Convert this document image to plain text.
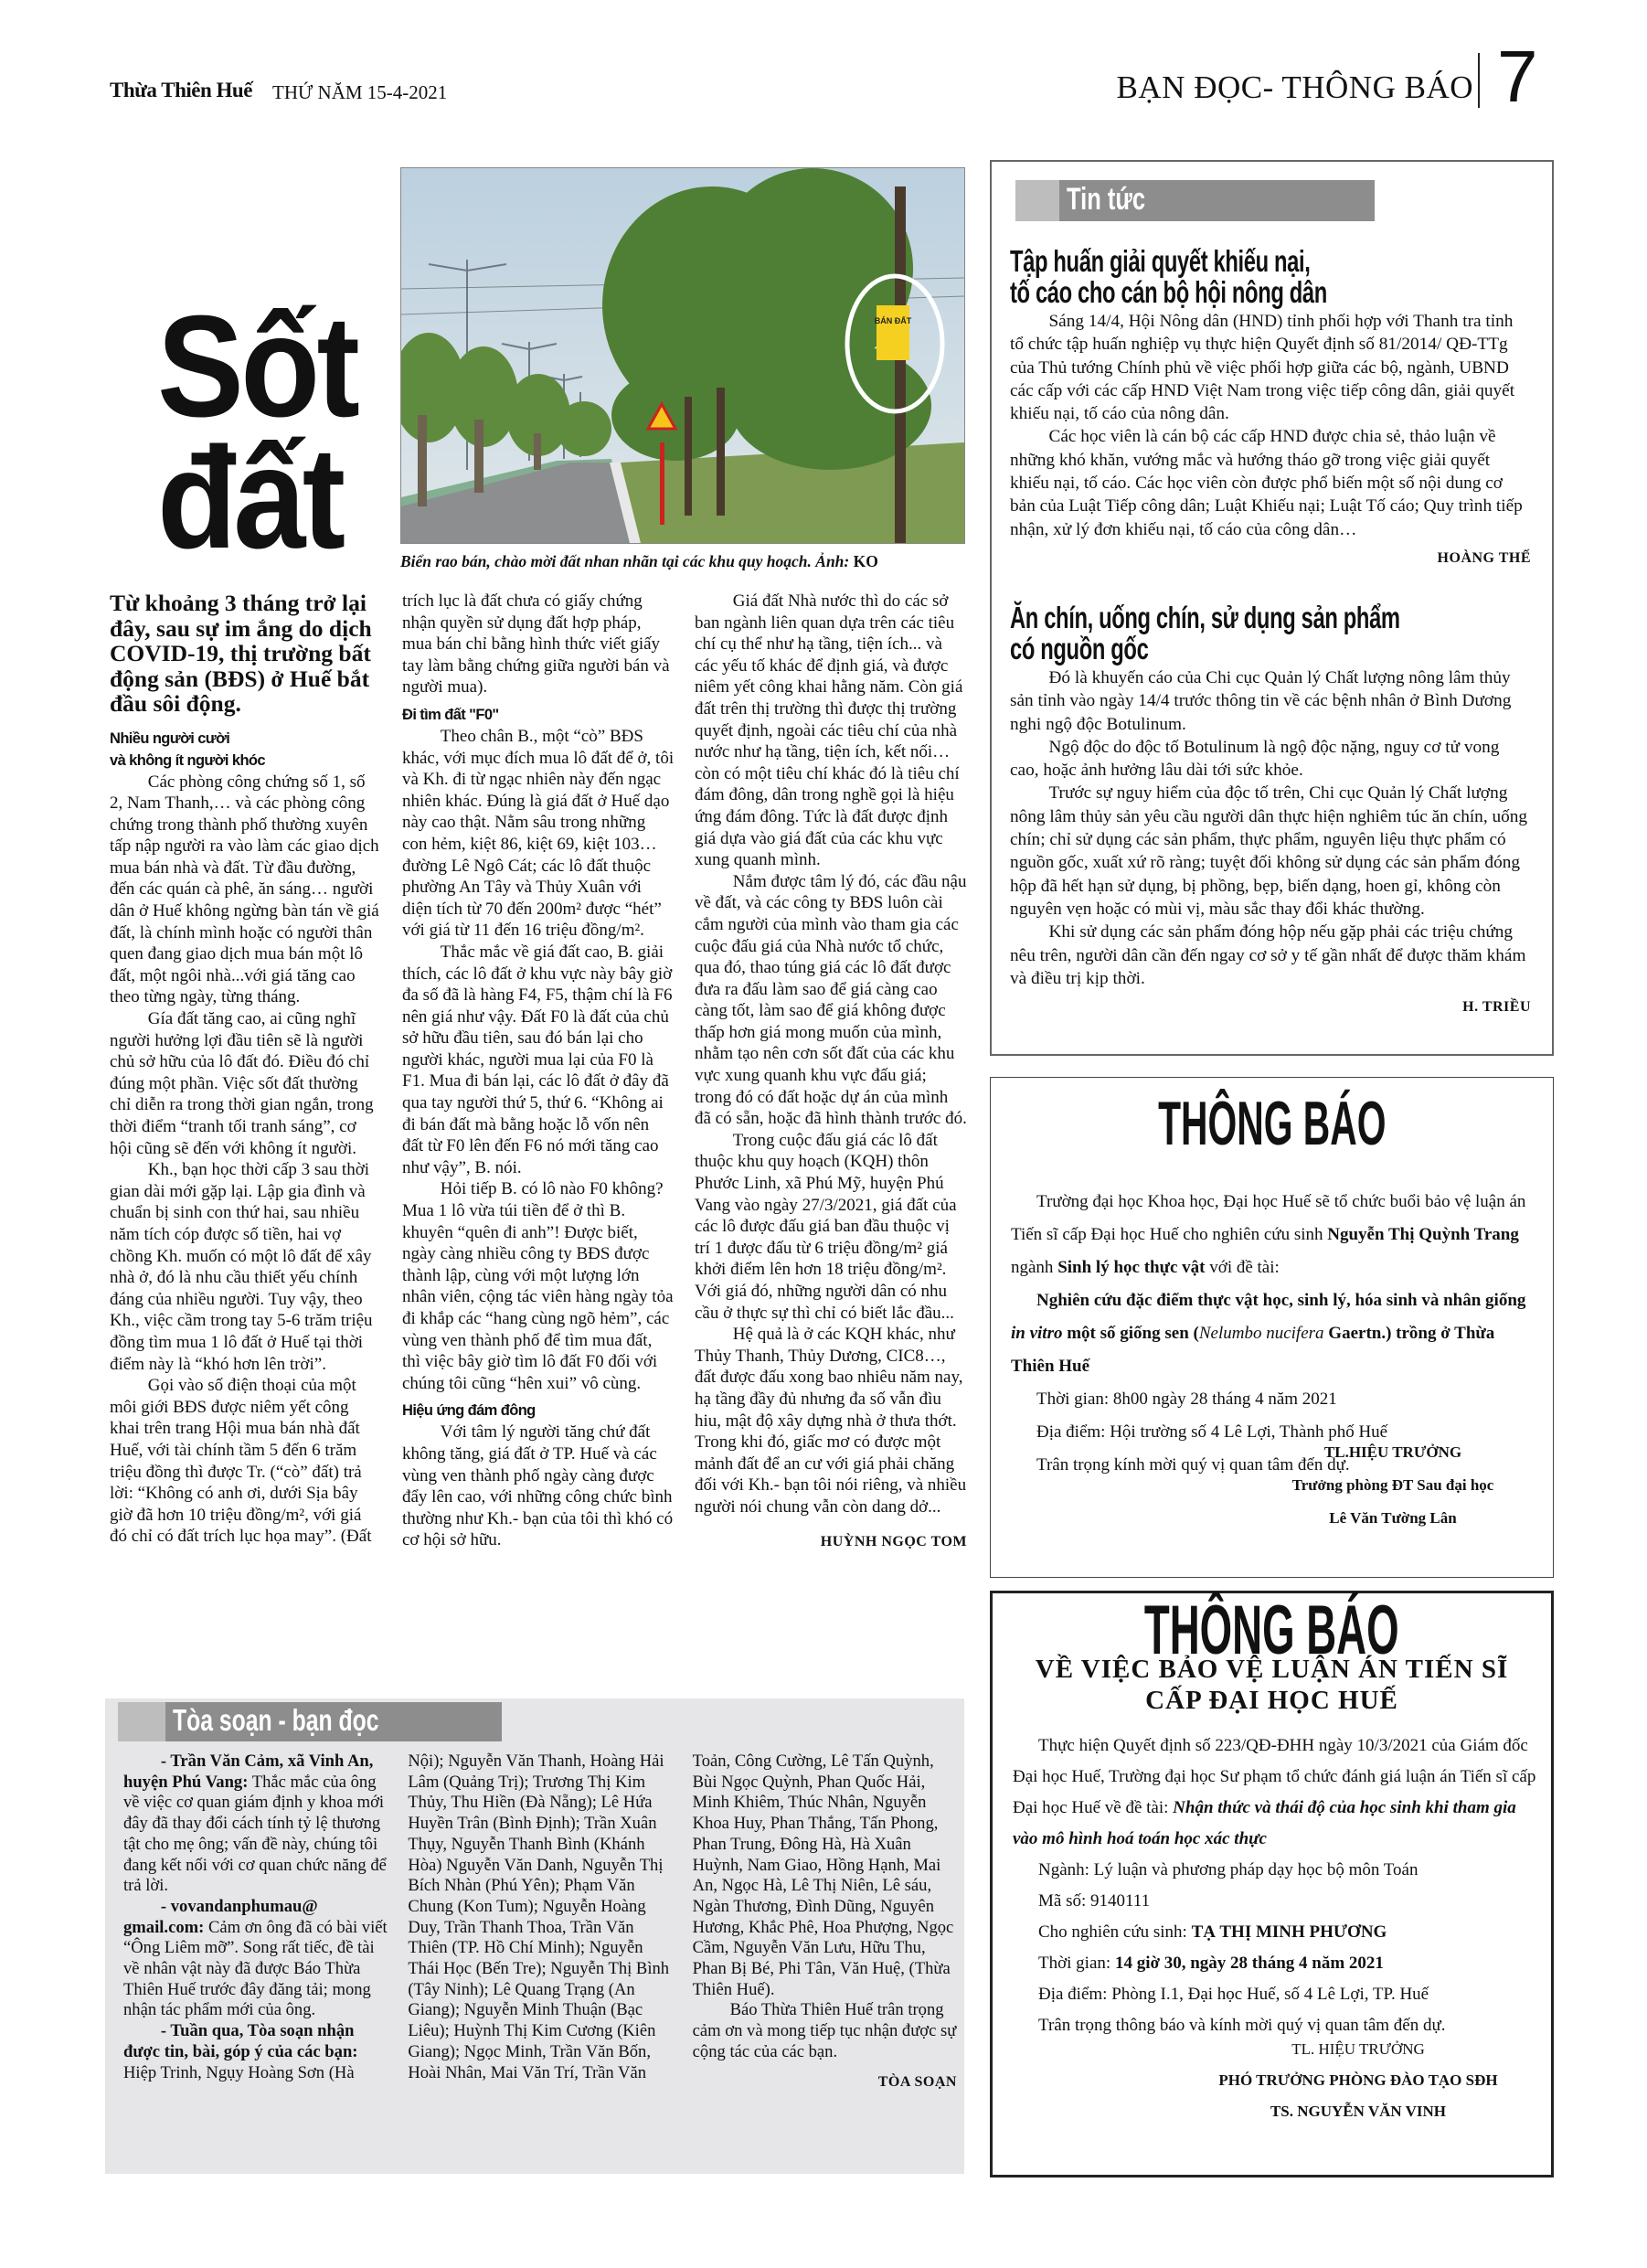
Thừa Thiên Huế THỨ NĂM 15-4-2021	BẠN ĐỌC- THÔNG BÁO 7
Sốt
đất
BÁN ĐẤT
Biển rao bán, chào mời đất nhan nhãn tại các khu quy hoạch. Ảnh: KO

Từ khoảng 3 tháng trở lại đây, sau sự im ắng do dịch COVID-19, thị trường bất động sản (BĐS) ở Huế bắt đầu sôi động.

Nhiều người cười
và không ít người khóc

Các phòng công chứng số 1, số 2, Nam Thanh,… và các phòng công chứng trong thành phố thường xuyên tấp nập người ra vào làm các giao dịch mua bán nhà và đất. Từ đầu đường, đến các quán cà phê, ăn sáng… người dân ở Huế không ngừng bàn tán về giá đất, là chính mình hoặc có người thân quen đang giao dịch mua bán một lô đất, một ngôi nhà...với giá tăng cao theo từng ngày, từng tháng.

Gía đất tăng cao, ai cũng nghĩ người hưởng lợi đầu tiên sẽ là người chủ sở hữu của lô đất đó. Điều đó chỉ đúng một phần. Việc sốt đất thường chỉ diễn ra trong thời gian ngắn, trong thời điểm “tranh tối tranh sáng”, cơ hội cũng sẽ đến với không ít người.

Kh., bạn học thời cấp 3 sau thời gian dài mới gặp lại. Lập gia đình và chuẩn bị sinh con thứ hai, sau nhiều năm tích cóp được số tiền, hai vợ chồng Kh. muốn có một lô đất để xây nhà ở, đó là nhu cầu thiết yếu chính đáng của nhiều người. Tuy vậy, theo Kh., việc cầm trong tay 5-6 trăm triệu đồng tìm mua 1 lô đất ở Huế tại thời điểm này là “khó hơn lên trời”.

Gọi vào số điện thoại của một môi giới BĐS được niêm yết công khai trên trang Hội mua bán nhà đất Huế, với tài chính tầm 5 đến 6 trăm triệu đồng thì được Tr. (“cò” đất) trả lời: “Không có anh ơi, dưới Sịa bây giờ đã hơn 10 triệu đồng/m², với giá đó chỉ có đất trích lục họa may”. (Đất trích lục là đất chưa có giấy chứng nhận quyền sử dụng đất hợp pháp, mua bán chỉ bằng hình thức viết giấy tay làm bằng chứng giữa người bán và người mua).

Đi tìm đất "F0"

Theo chân B., một “cò” BĐS khác, với mục đích mua lô đất để ở, tôi và Kh. đi từ ngạc nhiên này đến ngạc nhiên khác. Đúng là giá đất ở Huế dạo này cao thật. Nằm sâu trong những con hẻm, kiệt 86, kiệt 69, kiệt 103… đường Lê Ngô Cát; các lô đất thuộc phường An Tây và Thủy Xuân với diện tích từ 70 đến 200m² được “hét” với giá từ 11 đến 16 triệu đồng/m².

Thắc mắc về giá đất cao, B. giải thích, các lô đất ở khu vực này bây giờ đa số đã là hàng F4, F5, thậm chí là F6 nên giá như vậy. Đất F0 là đất của chủ sở hữu đầu tiên, sau đó bán lại cho người khác, người mua lại của F0 là F1. Mua đi bán lại, các lô đất ở đây đã qua tay người thứ 5, thứ 6. “Không ai đi bán đất mà bằng hoặc lỗ vốn nên đất từ F0 lên đến F6 nó mới tăng cao như vậy”, B. nói.

Hỏi tiếp B. có lô nào F0 không? Mua 1 lô vừa túi tiền để ở thì B. khuyên “quên đi anh”! Được biết, ngày càng nhiều công ty BĐS được thành lập, cùng với một lượng lớn nhân viên, cộng tác viên hàng ngày tỏa đi khắp các “hang cùng ngõ hẻm”, các vùng ven thành phố để tìm mua đất, thì việc bây giờ tìm lô đất F0 đối với chúng tôi cũng “hên xui” vô cùng.

Hiệu ứng đám đông

Với tâm lý người tăng chứ đất không tăng, giá đất ở TP. Huế và các vùng ven thành phố ngày càng được đẩy lên cao, với những công chức bình thường như Kh.- bạn của tôi thì khó có cơ hội sở hữu.

Giá đất Nhà nước thì do các sở ban ngành liên quan dựa trên các tiêu chí cụ thể như hạ tầng, tiện ích... và các yếu tố khác để định giá, và được niêm yết công khai hằng năm. Còn giá đất trên thị trường thì được thị trường quyết định, ngoài các tiêu chí của nhà nước như hạ tầng, tiện ích, kết nối… còn có một tiêu chí khác đó là tiêu chí đám đông, dân trong nghề gọi là hiệu ứng đám đông. Tức là đất được định giá dựa vào giá đất của các khu vực xung quanh mình.

Nắm được tâm lý đó, các đầu nậu về đất, và các công ty BĐS luôn cài cắm người của mình vào tham gia các cuộc đấu giá của Nhà nước tổ chức, qua đó, thao túng giá các lô đất được đưa ra đấu làm sao để giá càng cao càng tốt, làm sao để giá không được thấp hơn giá mong muốn của mình, nhằm tạo nên cơn sốt đất của các khu vực xung quanh khu vực đấu giá; trong đó có đất hoặc dự án của mình đã có sẵn, hoặc đã hình thành trước đó.

Trong cuộc đấu giá các lô đất thuộc khu quy hoạch (KQH) thôn Phước Linh, xã Phú Mỹ, huyện Phú Vang vào ngày 27/3/2021, giá đất của các lô được đấu giá ban đầu thuộc vị trí 1 được đấu từ 6 triệu đồng/m² giá khởi điểm lên hơn 18 triệu đồng/m². Với giá đó, những người dân có nhu cầu ở thực sự thì chỉ có biết lắc đầu...

Hệ quả là ở các KQH khác, như Thủy Thanh, Thủy Dương, CIC8…, đất được đấu xong bao nhiêu năm nay, hạ tầng đầy đủ nhưng đa số vẫn đìu hiu, mật độ xây dựng nhà ở thưa thớt. Trong khi đó, giấc mơ có được một mảnh đất để an cư với giá phải chăng đối với Kh.- bạn tôi nói riêng, và nhiều người nói chung vẫn còn dang dở...

HUỲNH NGỌC TOM

Tin tức
Tập huấn giải quyết khiếu nại,
tố cáo cho cán bộ hội nông dân

Sáng 14/4, Hội Nông dân (HND) tỉnh phối hợp với Thanh tra tỉnh tổ chức tập huấn nghiệp vụ thực hiện Quyết định số 81/2014/ QĐ-TTg của Thủ tướng Chính phủ về việc phối hợp giữa các bộ, ngành, UBND các cấp với các cấp HND Việt Nam trong việc tiếp công dân, giải quyết khiếu nại, tố cáo của nông dân.

Các học viên là cán bộ các cấp HND được chia sẻ, thảo luận về những khó khăn, vướng mắc và hướng tháo gỡ trong việc giải quyết khiếu nại, tố cáo. Các học viên còn được phổ biến một số nội dung cơ bản của Luật Tiếp công dân; Luật Khiếu nại; Luật Tố cáo; Quy trình tiếp nhận, xử lý đơn khiếu nại, tố cáo của công dân…

HOÀNG THẾ

Ăn chín, uống chín, sử dụng sản phẩm
có nguồn gốc

Đó là khuyến cáo của Chi cục Quản lý Chất lượng nông lâm thủy sản tỉnh vào ngày 14/4 trước thông tin về các bệnh nhân ở Bình Dương nghi ngộ độc Botulinum.

Ngộ độc do độc tố Botulinum là ngộ độc nặng, nguy cơ tử vong cao, hoặc ảnh hưởng lâu dài tới sức khỏe.

Trước sự nguy hiểm của độc tố trên, Chi cục Quản lý Chất lượng nông lâm thủy sản yêu cầu người dân thực hiện nghiêm túc ăn chín, uống chín; chỉ sử dụng các sản phẩm, thực phẩm, nguyên liệu thực phẩm có nguồn gốc, xuất xứ rõ ràng; tuyệt đối không sử dụng các sản phẩm đóng hộp đã hết hạn sử dụng, bị phồng, bẹp, biến dạng, hoen gỉ, không còn nguyên vẹn hoặc có mùi vị, màu sắc thay đổi khác thường.

Khi sử dụng các sản phẩm đóng hộp nếu gặp phải các triệu chứng nêu trên, người dân cần đến ngay cơ sở y tế gần nhất để được thăm khám và điều trị kịp thời.

H. TRIỀU

THÔNG BÁO

Trường đại học Khoa học, Đại học Huế sẽ tổ chức buổi bảo vệ luận án Tiến sĩ cấp Đại học Huế cho nghiên cứu sinh Nguyễn Thị Quỳnh Trang ngành Sinh lý học thực vật với đề tài:

Nghiên cứu đặc điểm thực vật học, sinh lý, hóa sinh và nhân giống in vitro một số giống sen (Nelumbo nucifera Gaertn.) trồng ở Thừa Thiên Huế

Thời gian: 8h00 ngày 28 tháng 4 năm 2021

Địa điểm: Hội trường số 4 Lê Lợi, Thành phố Huế

Trân trọng kính mời quý vị quan tâm đến dự.

TL.HIỆU TRƯỞNG
Trưởng phòng ĐT Sau đại học
Lê Văn Tường Lân
THÔNG BÁO
VỀ VIỆC BẢO VỆ LUẬN ÁN TIẾN SĨ
CẤP ĐẠI HỌC HUẾ

Thực hiện Quyết định số 223/QĐ-ĐHH ngày 10/3/2021 của Giám đốc Đại học Huế, Trường đại học Sư phạm tổ chức đánh giá luận án Tiến sĩ cấp Đại học Huế về đề tài: Nhận thức và thái độ của học sinh khi tham gia vào mô hình hoá toán học xác thực

Ngành: Lý luận và phương pháp dạy học bộ môn Toán

Mã số: 9140111

Cho nghiên cứu sinh: TẠ THỊ MINH PHƯƠNG

Thời gian: 14 giờ 30, ngày 28 tháng 4 năm 2021

Địa điểm: Phòng I.1, Đại học Huế, số 4 Lê Lợi, TP. Huế

Trân trọng thông báo và kính mời quý vị quan tâm đến dự.

TL. HIỆU TRƯỞNG
PHÓ TRƯỞNG PHÒNG ĐÀO TẠO SĐH
TS. NGUYỄN VĂN VINH
Tòa soạn - bạn đọc

- Trần Văn Cảm, xã Vinh An, huyện Phú Vang: Thắc mắc của ông về việc cơ quan giám định y khoa mới đây đã thay đổi cách tính tỷ lệ thương tật cho mẹ ông; vấn đề này, chúng tôi đang kết nối với cơ quan chức năng để trả lời.

- vovandanphumau@ gmail.com: Cảm ơn ông đã có bài viết “Ông Liêm mỡ”. Song rất tiếc, đề tài về nhân vật này đã được Báo Thừa Thiên Huế trước đây đăng tải; mong nhận tác phẩm mới của ông.

- Tuần qua, Tòa soạn nhận được tin, bài, góp ý của các bạn: Hiệp Trinh, Ngụy Hoàng Sơn (Hà Nội); Nguyễn Văn Thanh, Hoàng Hải Lâm (Quảng Trị); Trương Thị Kim Thủy, Thu Hiền (Đà Nẵng); Lê Hứa Huyền Trân (Bình Định); Trần Xuân Thụy, Nguyễn Thanh Bình (Khánh Hòa) Nguyễn Văn Danh, Nguyễn Thị Bích Nhàn (Phú Yên); Phạm Văn Chung (Kon Tum); Nguyễn Hoàng Duy, Trần Thanh Thoa, Trần Văn Thiên (TP. Hồ Chí Minh); Nguyễn Thái Học (Bến Tre); Nguyễn Thị Bình (Tây Ninh); Lê Quang Trạng (An Giang); Nguyễn Minh Thuận (Bạc Liêu); Huỳnh Thị Kim Cương (Kiên Giang); Ngọc Minh, Trần Văn Bốn, Hoài Nhân, Mai Văn Trí, Trần Văn Toản, Công Cường, Lê Tấn Quỳnh, Bùi Ngọc Quỳnh, Phan Quốc Hải, Minh Khiêm, Thúc Nhân, Nguyễn Khoa Huy, Phan Thắng, Tấn Phong, Phan Trung, Đông Hà, Hà Xuân Huỳnh, Nam Giao, Hồng Hạnh, Mai An, Ngọc Hà, Lê Thị Niên, Lê sáu, Ngàn Thương, Đình Dũng, Nguyên Hương, Khắc Phê, Hoa Phượng, Ngọc Cầm, Nguyễn Văn Lưu, Hữu Thu, Phan Bị Bé, Phi Tân, Văn Huệ, (Thừa Thiên Huế).

Báo Thừa Thiên Huế trân trọng cảm ơn và mong tiếp tục nhận được sự cộng tác của các bạn.

TÒA SOẠN
